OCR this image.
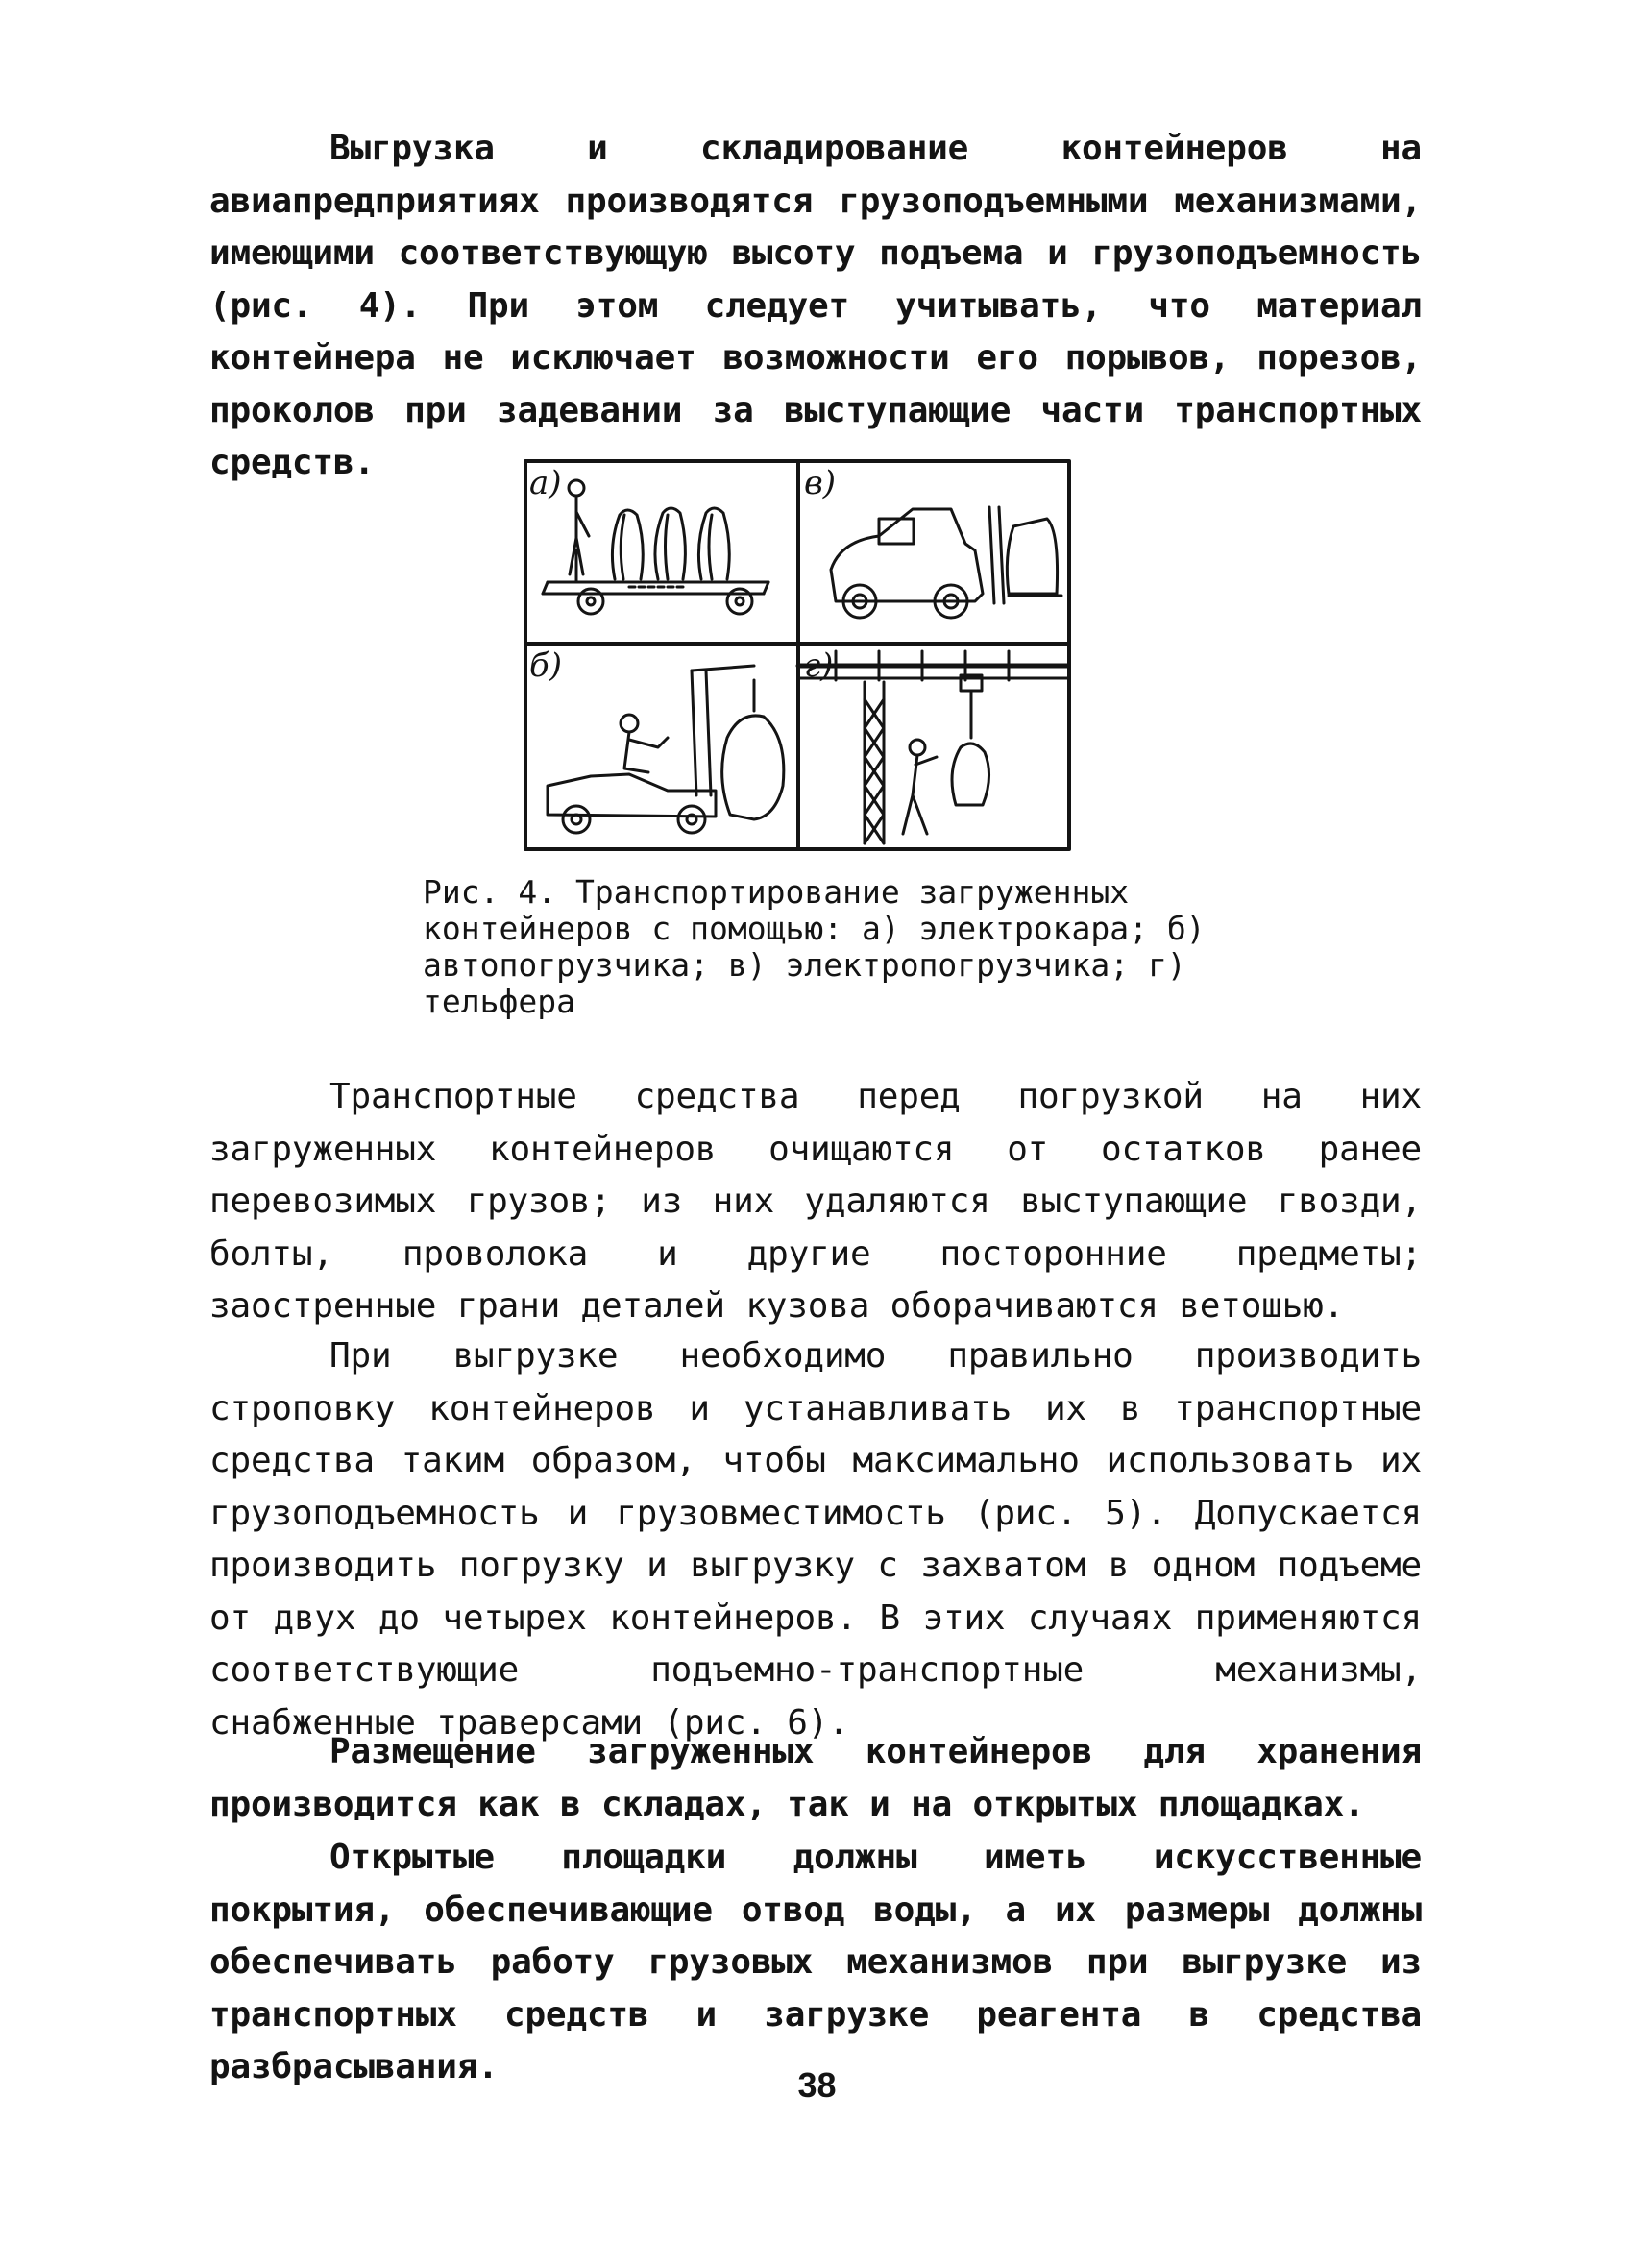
Выгрузка и складирование контейнеров на авиапредприятиях производятся грузоподъемными механизмами, имеющими соответствующую высоту подъема и грузоподъемность (рис. 4). При этом следует учитывать, что материал контейнера не исключает возможности его порывов, порезов, проколов при задевании за выступающие части транспортных средств.

а)	в)
б)	г)

Рис. 4. Транспортирование загруженных контейнеров с помощью: а) электрокара; б) автопогрузчика; в) электропогрузчика; г) тельфера

Транспортные средства перед погрузкой на них загруженных контейнеров очищаются от остатков ранее перевозимых грузов; из них удаляются выступающие гвозди, болты, проволока и другие посторонние предметы; заостренные грани деталей кузова оборачиваются ветошью.

При выгрузке необходимо правильно производить строповку контейнеров и устанавливать их в транспортные средства таким образом, чтобы максимально использовать их грузоподъемность и грузовместимость (рис. 5). Допускается производить погрузку и выгрузку с захватом в одном подъеме от двух до четырех контейнеров. В этих случаях применяются соответствующие подъемно-транспортные механизмы, снабженные траверсами (рис. 6).

Размещение загруженных контейнеров для хранения производится как в складах, так и на открытых площадках.

Открытые площадки должны иметь искусственные покрытия, обеспечивающие отвод воды, а их размеры должны обеспечивать работу грузовых механизмов при выгрузке из транспортных средств и загрузке реагента в средства разбрасывания.	38
